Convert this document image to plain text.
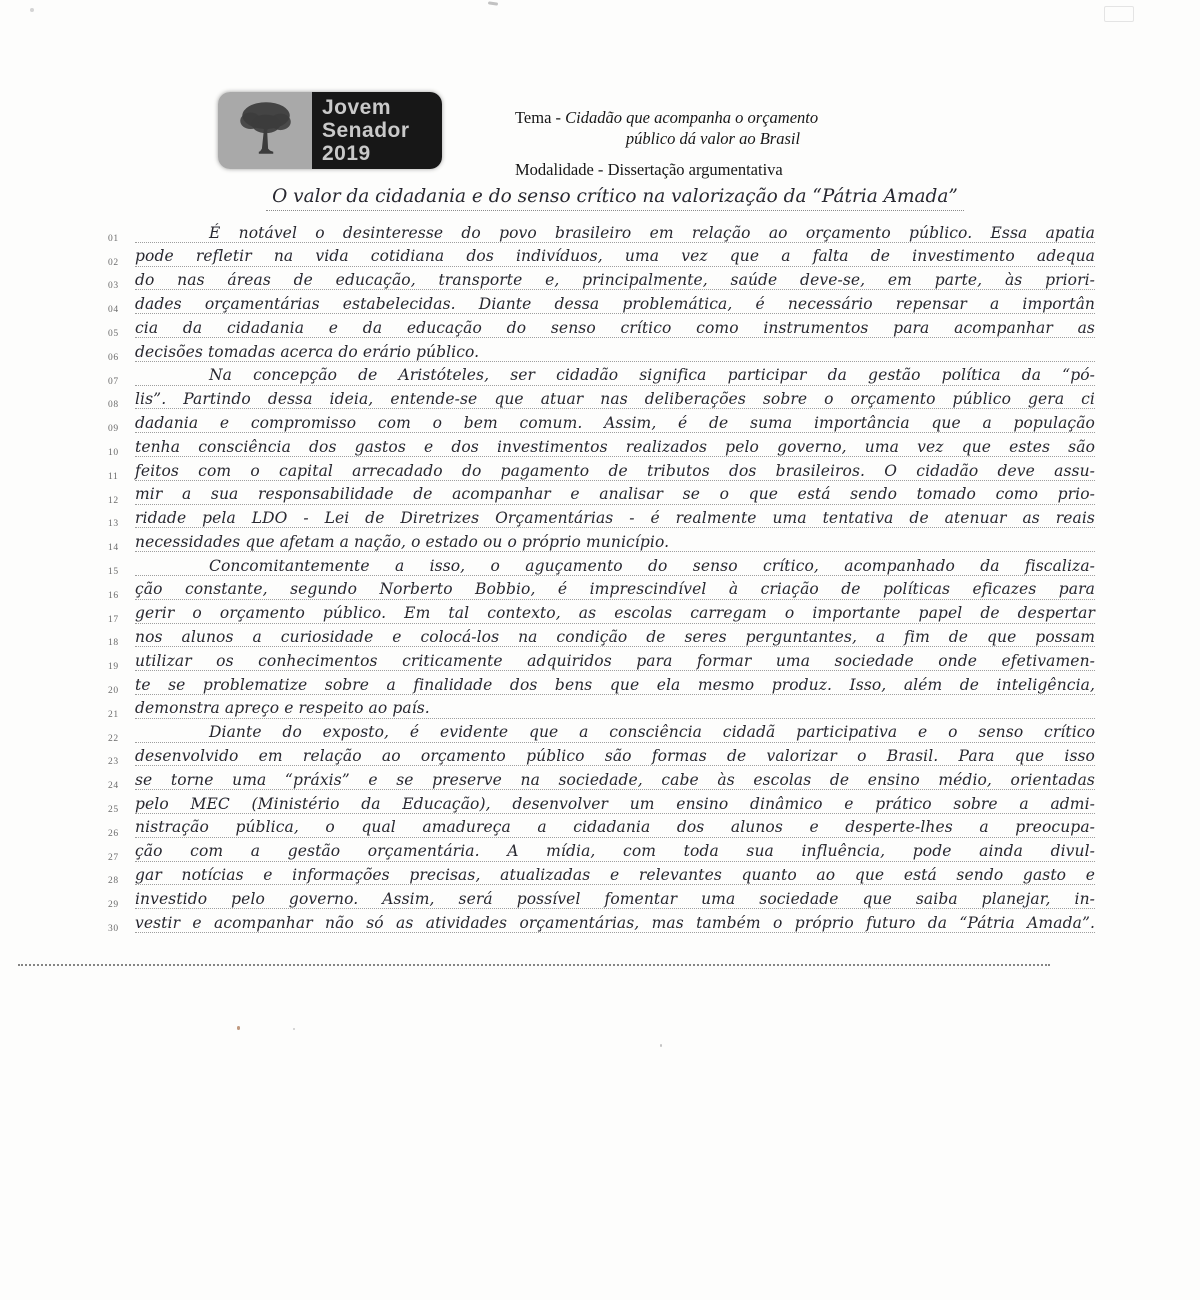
Jovem
Senador
2019
Tema - Cidadão que acompanha o orçamento
público dá valor ao Brasil
Modalidade - Dissertação argumentativa
O valor da cidadania e do senso crítico na valorização da “Pátria Amada”
01	É notável o desinteresse do povo brasileiro em relação ao orçamento público. Essa apatia
02	pode refletir na vida cotidiana dos indivíduos, uma vez que a falta de investimento adequa
03	do nas áreas de educação, transporte e, principalmente, saúde deve-se, em parte, às priori-
04	dades orçamentárias estabelecidas. Diante dessa problemática, é necessário repensar a importân
05	cia da cidadania e da educação do senso crítico como instrumentos para acompanhar as
06	decisões tomadas acerca do erário público.
07	Na concepção de Aristóteles, ser cidadão significa participar da gestão política da “pó-
08	lis”. Partindo dessa ideia, entende-se que atuar nas deliberações sobre o orçamento público gera ci
09	dadania e compromisso com o bem comum. Assim, é de suma importância que a população
10	tenha consciência dos gastos e dos investimentos realizados pelo governo, uma vez que estes são
11	feitos com o capital arrecadado do pagamento de tributos dos brasileiros. O cidadão deve assu-
12	mir a sua responsabilidade de acompanhar e analisar se o que está sendo tomado como prio-
13	ridade pela LDO - Lei de Diretrizes Orçamentárias - é realmente uma tentativa de atenuar as reais
14	necessidades que afetam a nação, o estado ou o próprio município.
15	Concomitantemente a isso, o aguçamento do senso crítico, acompanhado da fiscaliza-
16	ção constante, segundo Norberto Bobbio, é imprescindível à criação de políticas eficazes para
17	gerir o orçamento público. Em tal contexto, as escolas carregam o importante papel de despertar
18	nos alunos a curiosidade e colocá-los na condição de seres perguntantes, a fim de que possam
19	utilizar os conhecimentos criticamente adquiridos para formar uma sociedade onde efetivamen-
20	te se problematize sobre a finalidade dos bens que ela mesmo produz. Isso, além de inteligência,
21	demonstra apreço e respeito ao país.
22	Diante do exposto, é evidente que a consciência cidadã participativa e o senso crítico
23	desenvolvido em relação ao orçamento público são formas de valorizar o Brasil. Para que isso
24	se torne uma “práxis” e se preserve na sociedade, cabe às escolas de ensino médio, orientadas
25	pelo MEC (Ministério da Educação), desenvolver um ensino dinâmico e prático sobre a admi-
26	nistração pública, o qual amadureça a cidadania dos alunos e desperte-lhes a preocupa-
27	ção com a gestão orçamentária. A mídia, com toda sua influência, pode ainda divul-
28	gar notícias e informações precisas, atualizadas e relevantes quanto ao que está sendo gasto e
29	investido pelo governo. Assim, será possível fomentar uma sociedade que saiba planejar, in-
30	vestir e acompanhar não só as atividades orçamentárias, mas também o próprio futuro da “Pátria Amada”.
